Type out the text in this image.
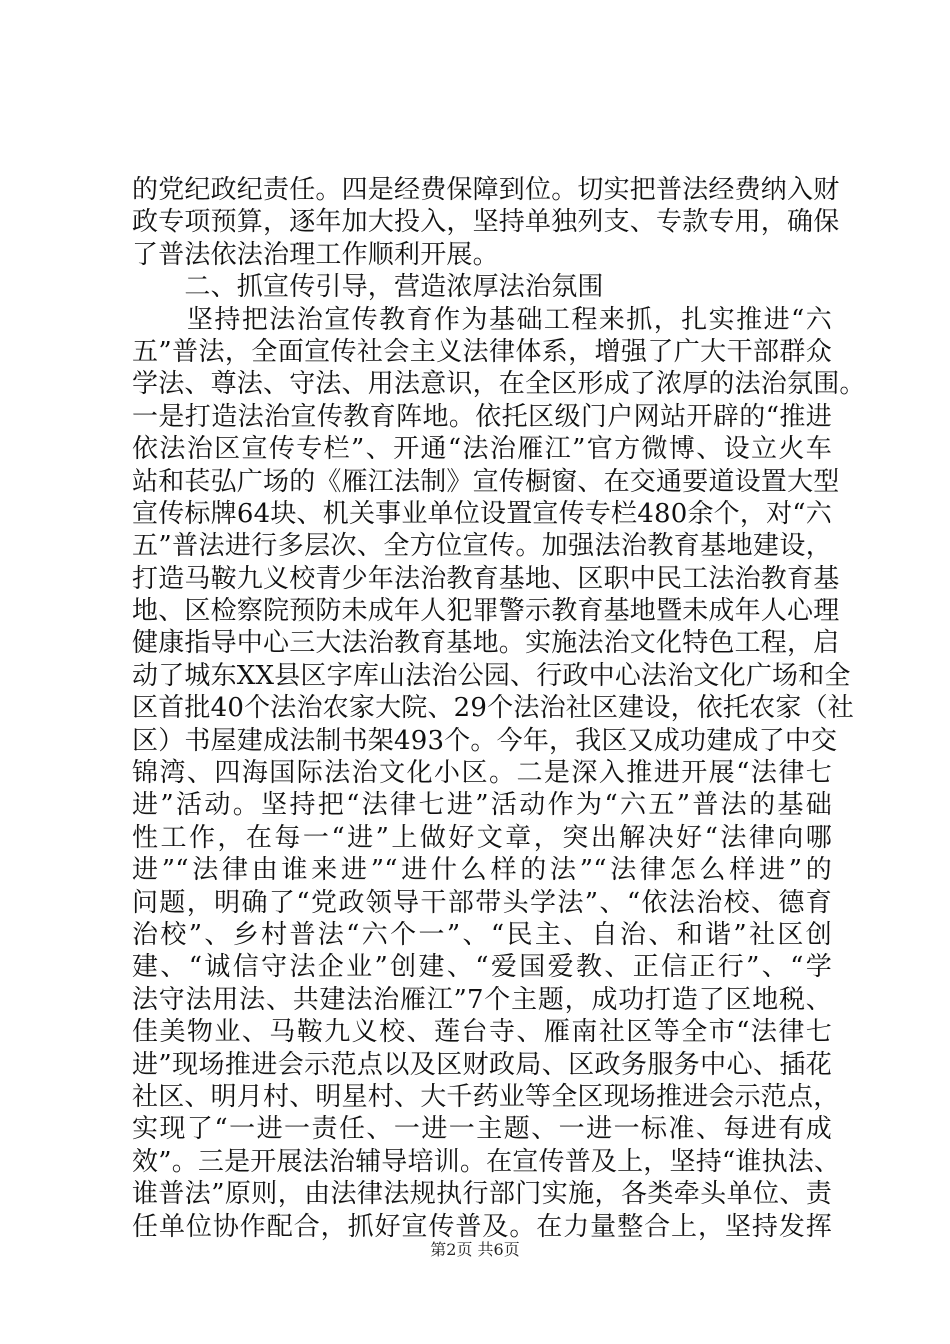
的党纪政纪责任。四是经费保障到位。切实把普法经费纳入财
政专项预算，逐年加大投入，坚持单独列支、专款专用，确保
了普法依法治理工作顺利开展。
　　二、抓宣传引导，营造浓厚法治氛围
　　坚持把法治宣传教育作为基础工程来抓，扎实推进“六
五”普法，全面宣传社会主义法律体系，增强了广大干部群众
学法、尊法、守法、用法意识，在全区形成了浓厚的法治氛围。
一是打造法治宣传教育阵地。依托区级门户网站开辟的“推进
依法治区宣传专栏”、开通“法治雁江”官方微博、设立火车
站和苌弘广场的《雁江法制》宣传橱窗、在交通要道设置大型
宣传标牌64块、机关事业单位设置宣传专栏480余个，对“六
五”普法进行多层次、全方位宣传。加强法治教育基地建设，
打造马鞍九义校青少年法治教育基地、区职中民工法治教育基
地、区检察院预防未成年人犯罪警示教育基地暨未成年人心理
健康指导中心三大法治教育基地。实施法治文化特色工程，启
动了城东XX县区字库山法治公园、行政中心法治文化广场和全
区首批40个法治农家大院、29个法治社区建设，依托农家（社
区）书屋建成法制书架493个。今年，我区又成功建成了中交
锦湾、四海国际法治文化小区。二是深入推进开展“法律七
进”活动。坚持把“法律七进”活动作为“六五”普法的基础
性工作，在每一“进”上做好文章，突出解决好“法律向哪
进”“法律由谁来进”“进什么样的法”“法律怎么样进”的
问题，明确了“党政领导干部带头学法”、“依法治校、德育
治校”、乡村普法“六个一”、“民主、自治、和谐”社区创
建、“诚信守法企业”创建、“爱国爱教、正信正行”、“学
法守法用法、共建法治雁江”7个主题，成功打造了区地税、
佳美物业、马鞍九义校、莲台寺、雁南社区等全市“法律七
进”现场推进会示范点以及区财政局、区政务服务中心、插花
社区、明月村、明星村、大千药业等全区现场推进会示范点，
实现了“一进一责任、一进一主题、一进一标准、每进有成
效”。三是开展法治辅导培训。在宣传普及上，坚持“谁执法、
谁普法”原则，由法律法规执行部门实施，各类牵头单位、责
任单位协作配合，抓好宣传普及。在力量整合上，坚持发挥
第2页 共6页
